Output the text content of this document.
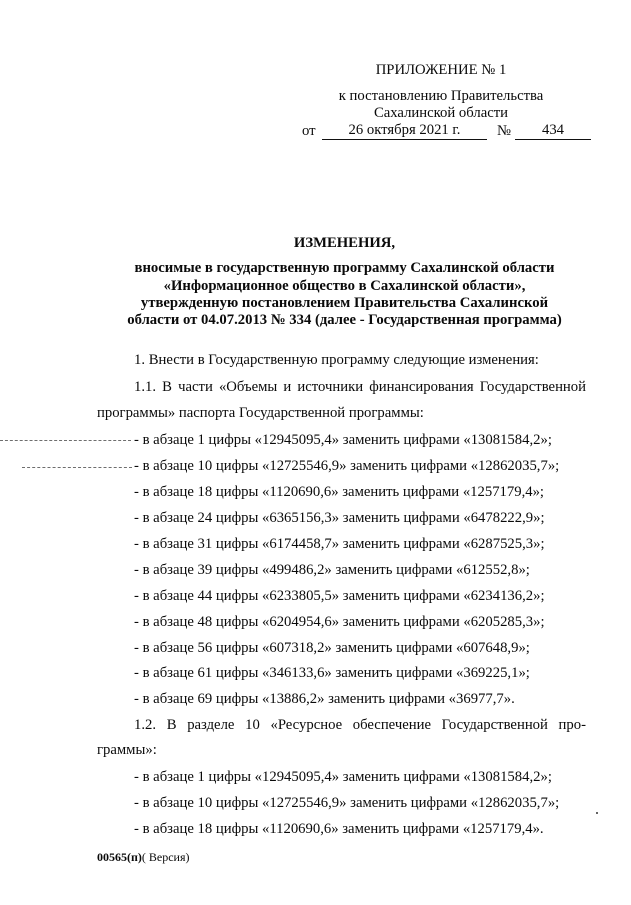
ПРИЛОЖЕНИЕ № 1
к постановлению Правительства
Сахалинской области
от	26 октября 2021 г.	№	434
ИЗМЕНЕНИЯ,
вносимые в государственную программу Сахалинской области
«Информационное общество в Сахалинской области»,
утвержденную постановлением Правительства Сахалинской
области от 04.07.2013 № 334 (далее - Государственная программа)
1. Внести в Государственную программу следующие изменения:
1.1. В части «Объемы и источники финансирования Государственной
программы» паспорта Государственной программы:
- в абзаце 1 цифры «12945095,4» заменить цифрами «13081584,2»;
- в абзаце 10 цифры «12725546,9» заменить цифрами «12862035,7»;
- в абзаце 18 цифры «1120690,6» заменить цифрами «1257179,4»;
- в абзаце 24 цифры «6365156,3» заменить цифрами «6478222,9»;
- в абзаце 31 цифры «6174458,7» заменить цифрами «6287525,3»;
- в абзаце 39 цифры «499486,2» заменить цифрами «612552,8»;
- в абзаце 44 цифры «6233805,5» заменить цифрами «6234136,2»;
- в абзаце 48 цифры «6204954,6» заменить цифрами «6205285,3»;
- в абзаце 56 цифры «607318,2» заменить цифрами «607648,9»;
- в абзаце 61 цифры «346133,6» заменить цифрами «369225,1»;
- в абзаце 69 цифры «13886,2» заменить цифрами «36977,7».
1.2. В разделе 10 «Ресурсное обеспечение Государственной про-
граммы»:
- в абзаце 1 цифры «12945095,4» заменить цифрами «13081584,2»;
- в абзаце 10 цифры «12725546,9» заменить цифрами «12862035,7»;
- в абзаце 18 цифры «1120690,6» заменить цифрами «1257179,4».
00565(п)( Версия)
